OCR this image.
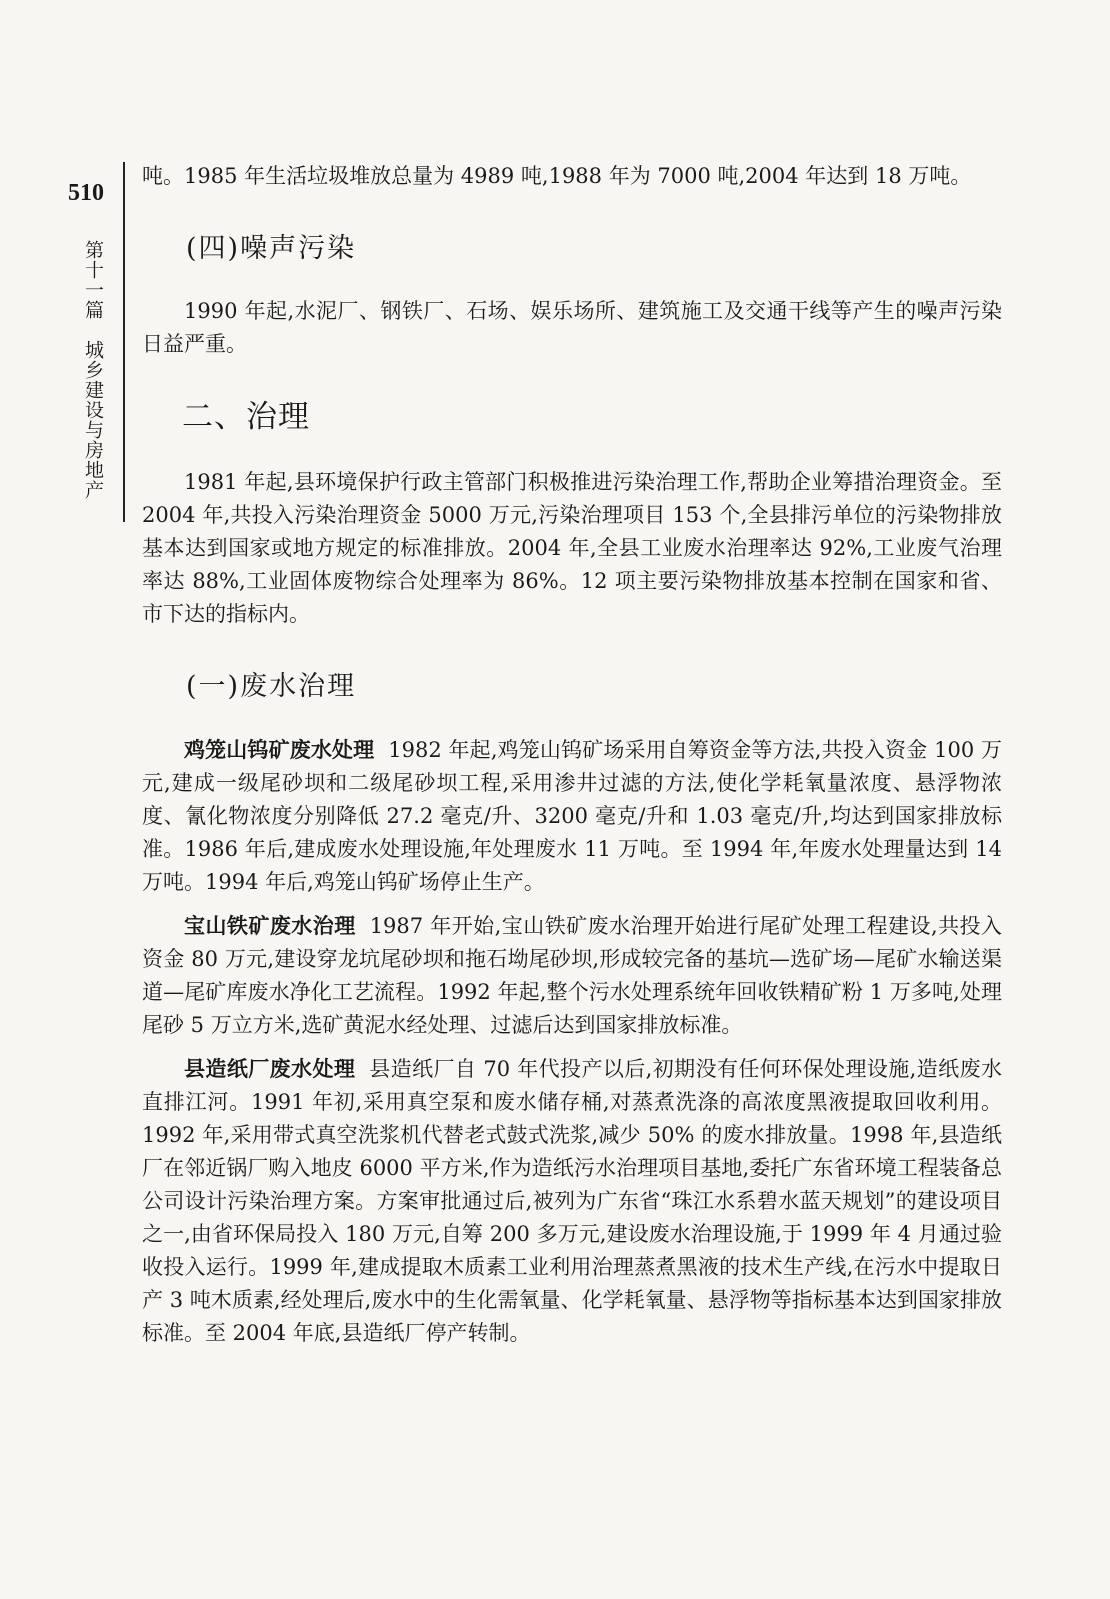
510
第十一篇　城乡建设与房地产

吨。1985 年生活垃圾堆放总量为 4989 吨,1988 年为 7000 吨,2004 年达到 18 万吨。

(四)噪声污染

1990 年起,水泥厂、钢铁厂、石场、娱乐场所、建筑施工及交通干线等产生的噪声污染日益严重。

二、治理

1981 年起,县环境保护行政主管部门积极推进污染治理工作,帮助企业筹措治理资金。至 2004 年,共投入污染治理资金 5000 万元,污染治理项目 153 个,全县排污单位的污染物排放基本达到国家或地方规定的标准排放。2004 年,全县工业废水治理率达 92%,工业废气治理率达 88%,工业固体废物综合处理率为 86%。12 项主要污染物排放基本控制在国家和省、市下达的指标内。

(一)废水治理

鸡笼山钨矿废水处理 1982 年起,鸡笼山钨矿场采用自筹资金等方法,共投入资金 100 万元,建成一级尾砂坝和二级尾砂坝工程,采用渗井过滤的方法,使化学耗氧量浓度、悬浮物浓度、氰化物浓度分别降低 27.2 毫克/升、3200 毫克/升和 1.03 毫克/升,均达到国家排放标准。1986 年后,建成废水处理设施,年处理废水 11 万吨。至 1994 年,年废水处理量达到 14 万吨。1994 年后,鸡笼山钨矿场停止生产。

宝山铁矿废水治理 1987 年开始,宝山铁矿废水治理开始进行尾矿处理工程建设,共投入资金 80 万元,建设穿龙坑尾砂坝和拖石坳尾砂坝,形成较完备的基坑—选矿场—尾矿水输送渠道—尾矿库废水净化工艺流程。1992 年起,整个污水处理系统年回收铁精矿粉 1 万多吨,处理尾砂 5 万立方米,选矿黄泥水经处理、过滤后达到国家排放标准。

县造纸厂废水处理 县造纸厂自 70 年代投产以后,初期没有任何环保处理设施,造纸废水直排江河。1991 年初,采用真空泵和废水储存桶,对蒸煮洗涤的高浓度黑液提取回收利用。1992 年,采用带式真空洗浆机代替老式鼓式洗浆,减少 50% 的废水排放量。1998 年,县造纸厂在邻近锅厂购入地皮 6000 平方米,作为造纸污水治理项目基地,委托广东省环境工程装备总公司设计污染治理方案。方案审批通过后,被列为广东省“珠江水系碧水蓝天规划”的建设项目之一,由省环保局投入 180 万元,自筹 200 多万元,建设废水治理设施,于 1999 年 4 月通过验收投入运行。1999 年,建成提取木质素工业利用治理蒸煮黑液的技术生产线,在污水中提取日产 3 吨木质素,经处理后,废水中的生化需氧量、化学耗氧量、悬浮物等指标基本达到国家排放标准。至 2004 年底,县造纸厂停产转制。
